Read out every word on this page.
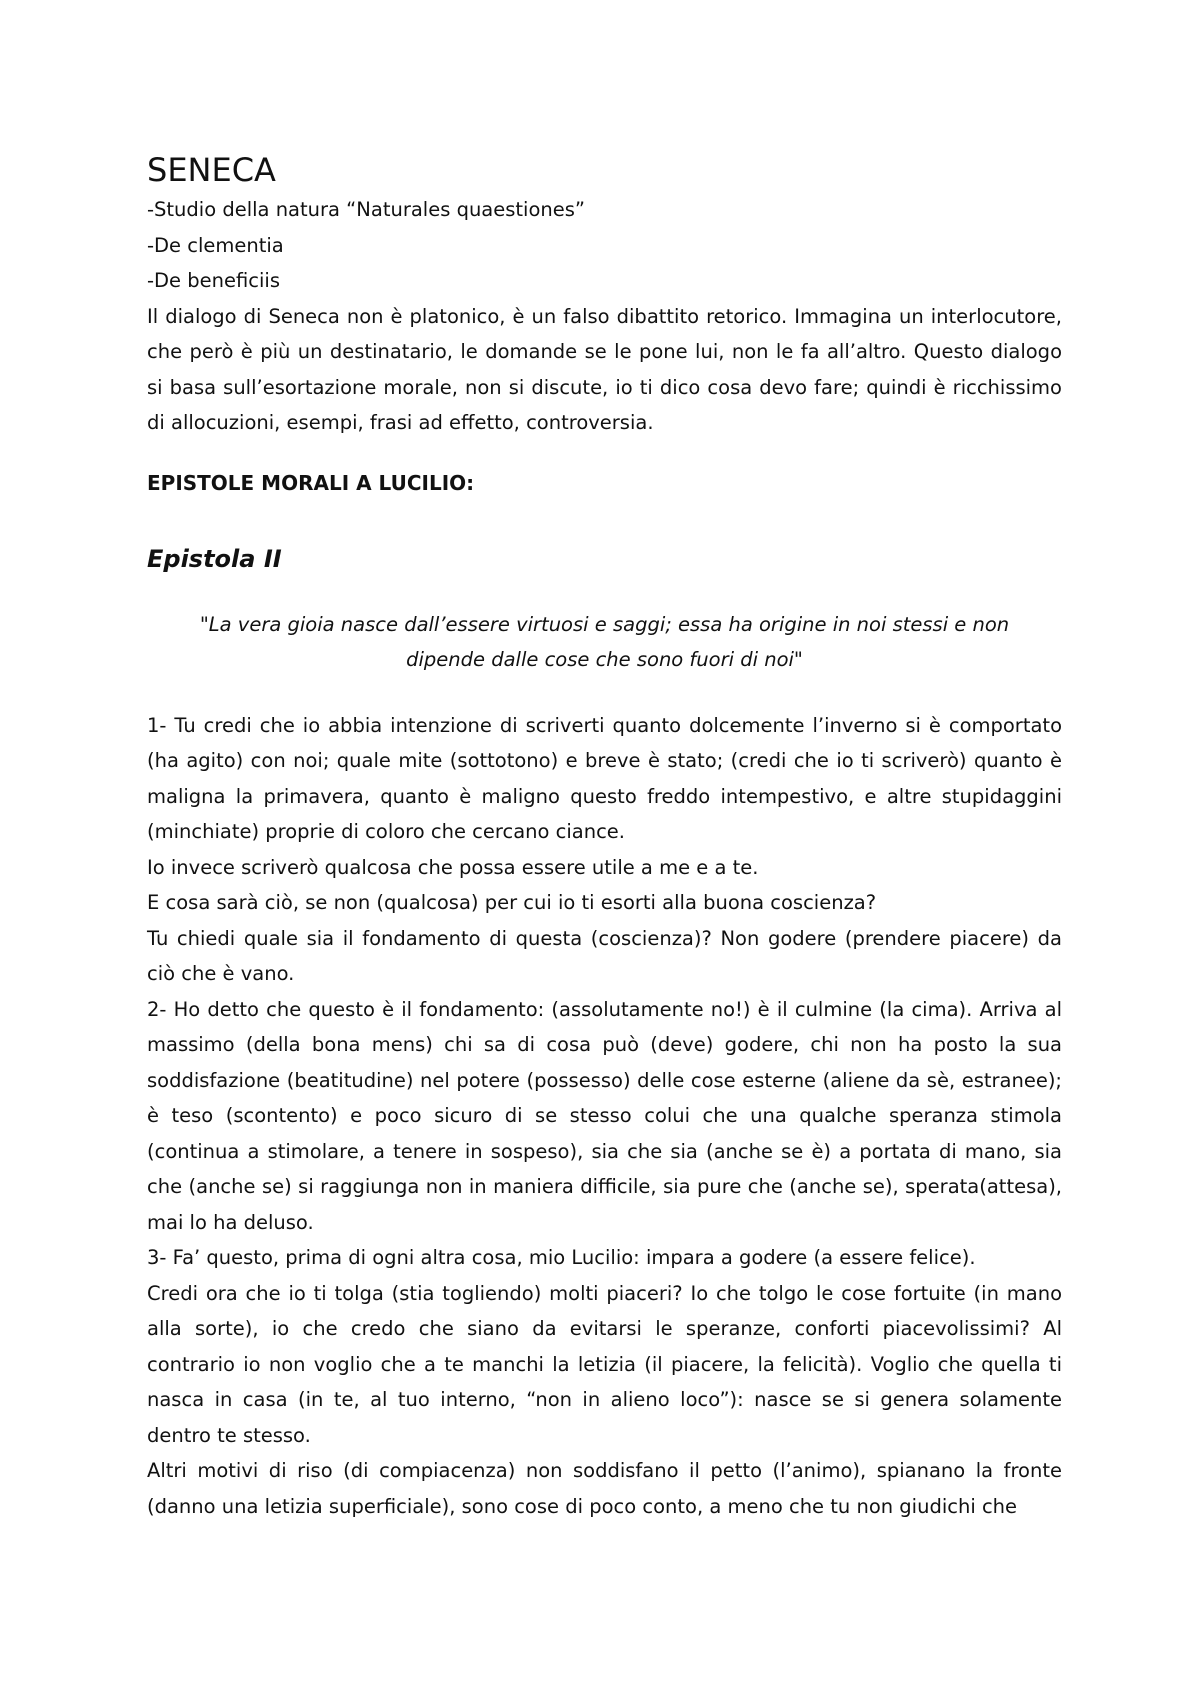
SENECA

-Studio della natura “Naturales quaestiones”

-De clementia

-De beneficiis

Il dialogo di Seneca non è platonico, è un falso dibattito retorico. Immagina un interlocutore, che però è più un destinatario, le domande se le pone lui, non le fa all’altro. Questo dialogo si basa sull’esortazione morale, non si discute, io ti dico cosa devo fare; quindi è ricchissimo di allocuzioni, esempi, frasi ad effetto, controversia.

EPISTOLE MORALI A LUCILIO:
Epistola II

"La vera gioia nasce dall’essere virtuosi e saggi; essa ha origine in noi stessi e non dipende dalle cose che sono fuori di noi"

1- Tu credi che io abbia intenzione di scriverti quanto dolcemente l’inverno si è comportato (ha agito) con noi; quale mite (sottotono) e breve è stato; (credi che io ti scriverò) quanto è maligna la primavera, quanto è maligno questo freddo intempestivo, e altre stupidaggini (minchiate) proprie di coloro che cercano ciance.

Io invece scriverò qualcosa che possa essere utile a me e a te.

E cosa sarà ciò, se non (qualcosa) per cui io ti esorti alla buona coscienza?

Tu chiedi quale sia il fondamento di questa (coscienza)? Non godere (prendere piacere) da ciò che è vano.

2- Ho detto che questo è il fondamento: (assolutamente no!) è il culmine (la cima). Arriva al massimo (della bona mens) chi sa di cosa può (deve) godere, chi non ha posto la sua soddisfazione (beatitudine) nel potere (possesso) delle cose esterne (aliene da sè, estranee); è teso (scontento) e poco sicuro di se stesso colui che una qualche speranza stimola (continua a stimolare, a tenere in sospeso), sia che sia (anche se è) a portata di mano, sia che (anche se) si raggiunga non in maniera difficile, sia pure che (anche se), sperata(attesa), mai lo ha deluso.

3- Fa’ questo, prima di ogni altra cosa, mio Lucilio: impara a godere (a essere felice).

Credi ora che io ti tolga (stia togliendo) molti piaceri? Io che tolgo le cose fortuite (in mano alla sorte), io che credo che siano da evitarsi le speranze, conforti piacevolissimi? Al contrario io non voglio che a te manchi la letizia (il piacere, la felicità). Voglio che quella ti nasca in casa (in te, al tuo interno, “non in alieno loco”): nasce se si genera solamente dentro te stesso.

Altri motivi di riso (di compiacenza) non soddisfano il petto (l’animo), spianano la fronte (danno una letizia superficiale), sono cose di poco conto, a meno che tu non giudichi che
